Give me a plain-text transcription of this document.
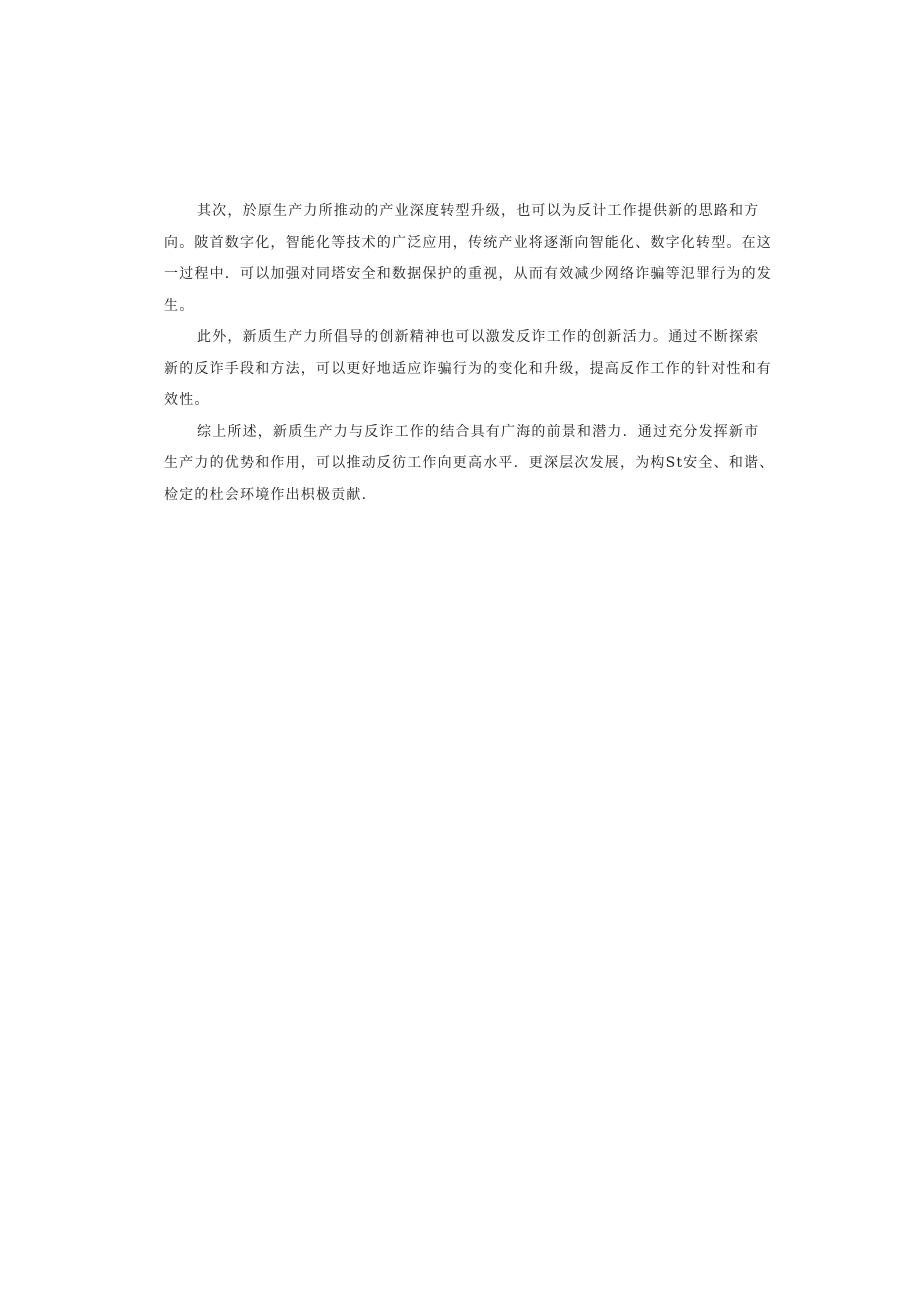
其次，於原生产力所推动的产业深度转型升级，也可以为反计工作提供新的思路和方
向。陂首数字化，智能化等技术的广泛应用，传统产业将逐渐向智能化、数字化转型。在这
一过程中．可以加强对同塔安全和数据保护的重视，从而有效减少网络诈骗等氾罪行为的发
生。
此外，新质生产力所倡导的创新精神也可以激发反诈工作的创新活力。通过不断探索
新的反诈手段和方法，可以更好地适应诈骗行为的变化和升级，提高反作工作的针对性和有
效性。
综上所述，新质生产力与反诈工作的结合具有广海的前景和潜力．通过充分发挥新市
生产力的优势和作用，可以推动反彷工作向更高水平．更深层次发展，为构St安全、和谐、
检定的杜会环境作出枳极贡献.
